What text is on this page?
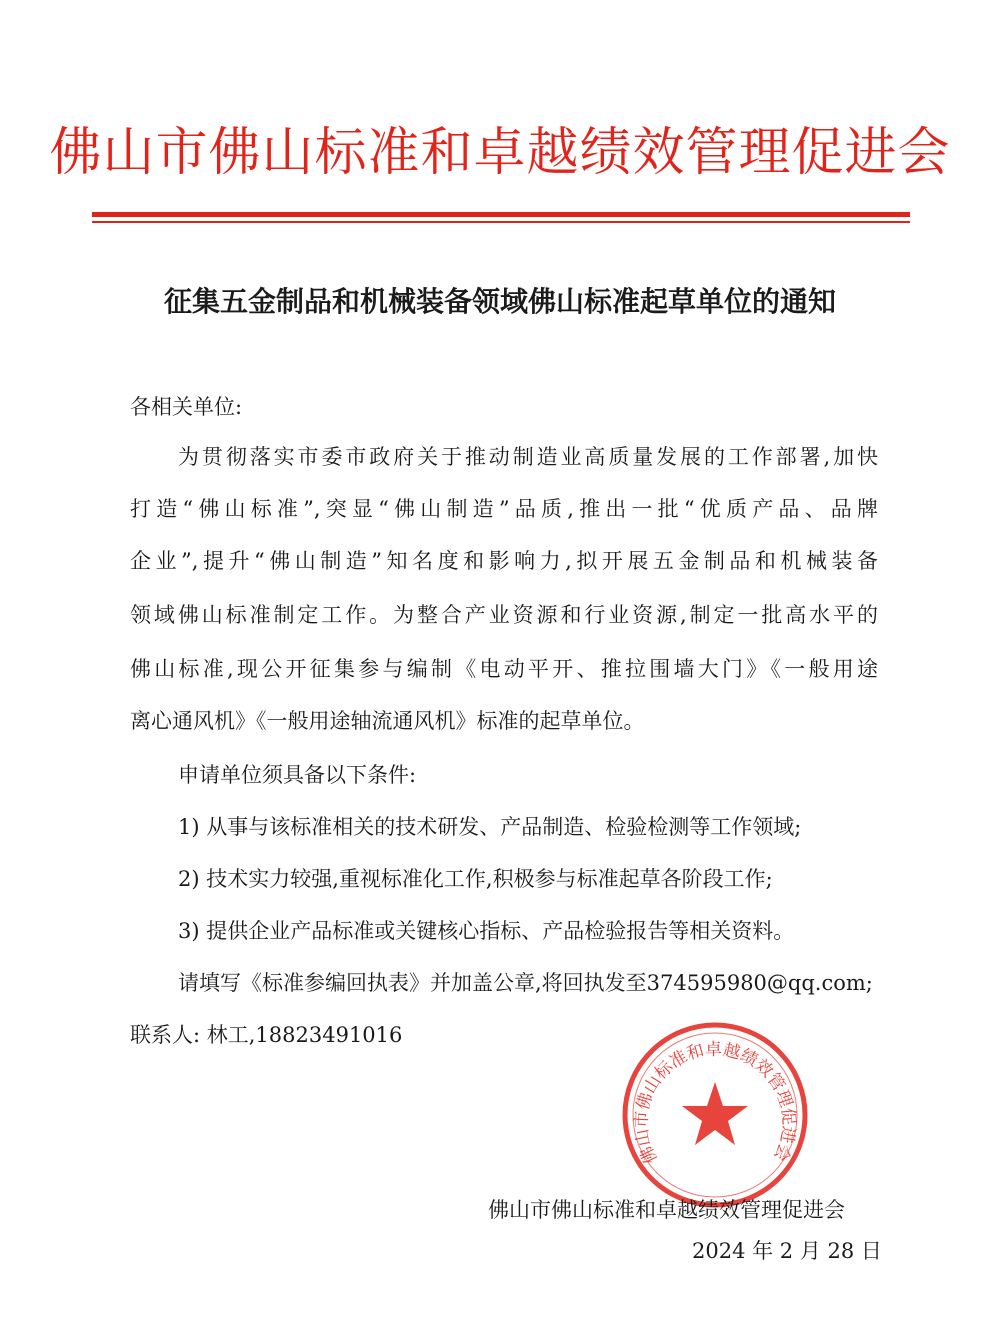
佛山市佛山标准和卓越绩效管理促进会
征集五金制品和机械装备领域佛山标准起草单位的通知
各相关单位:
为贯彻落实市委市政府关于推动制造业高质量发展的工作部署,加快
打造“佛山标准”,突显“佛山制造”品质,推出一批“优质产品、品牌
企业”,提升“佛山制造”知名度和影响力,拟开展五金制品和机械装备
领域佛山标准制定工作。为整合产业资源和行业资源,制定一批高水平的
佛山标准,现公开征集参与编制《电动平开、推拉围墙大门》《一般用途
离心通风机》《一般用途轴流通风机》标准的起草单位。
申请单位须具备以下条件:
1) 从事与该标准相关的技术研发、产品制造、检验检测等工作领域;
2) 技术实力较强,重视标准化工作,积极参与标准起草各阶段工作;
3) 提供企业产品标准或关键核心指标、产品检验报告等相关资料。
请填写《标准参编回执表》并加盖公章,将回执发至374595980@qq.com;
联系人: 林工,18823491016
佛山市佛山标准和卓越绩效管理促进会
佛山市佛山标准和卓越绩效管理促进会
2024 年 2 月 28 日
